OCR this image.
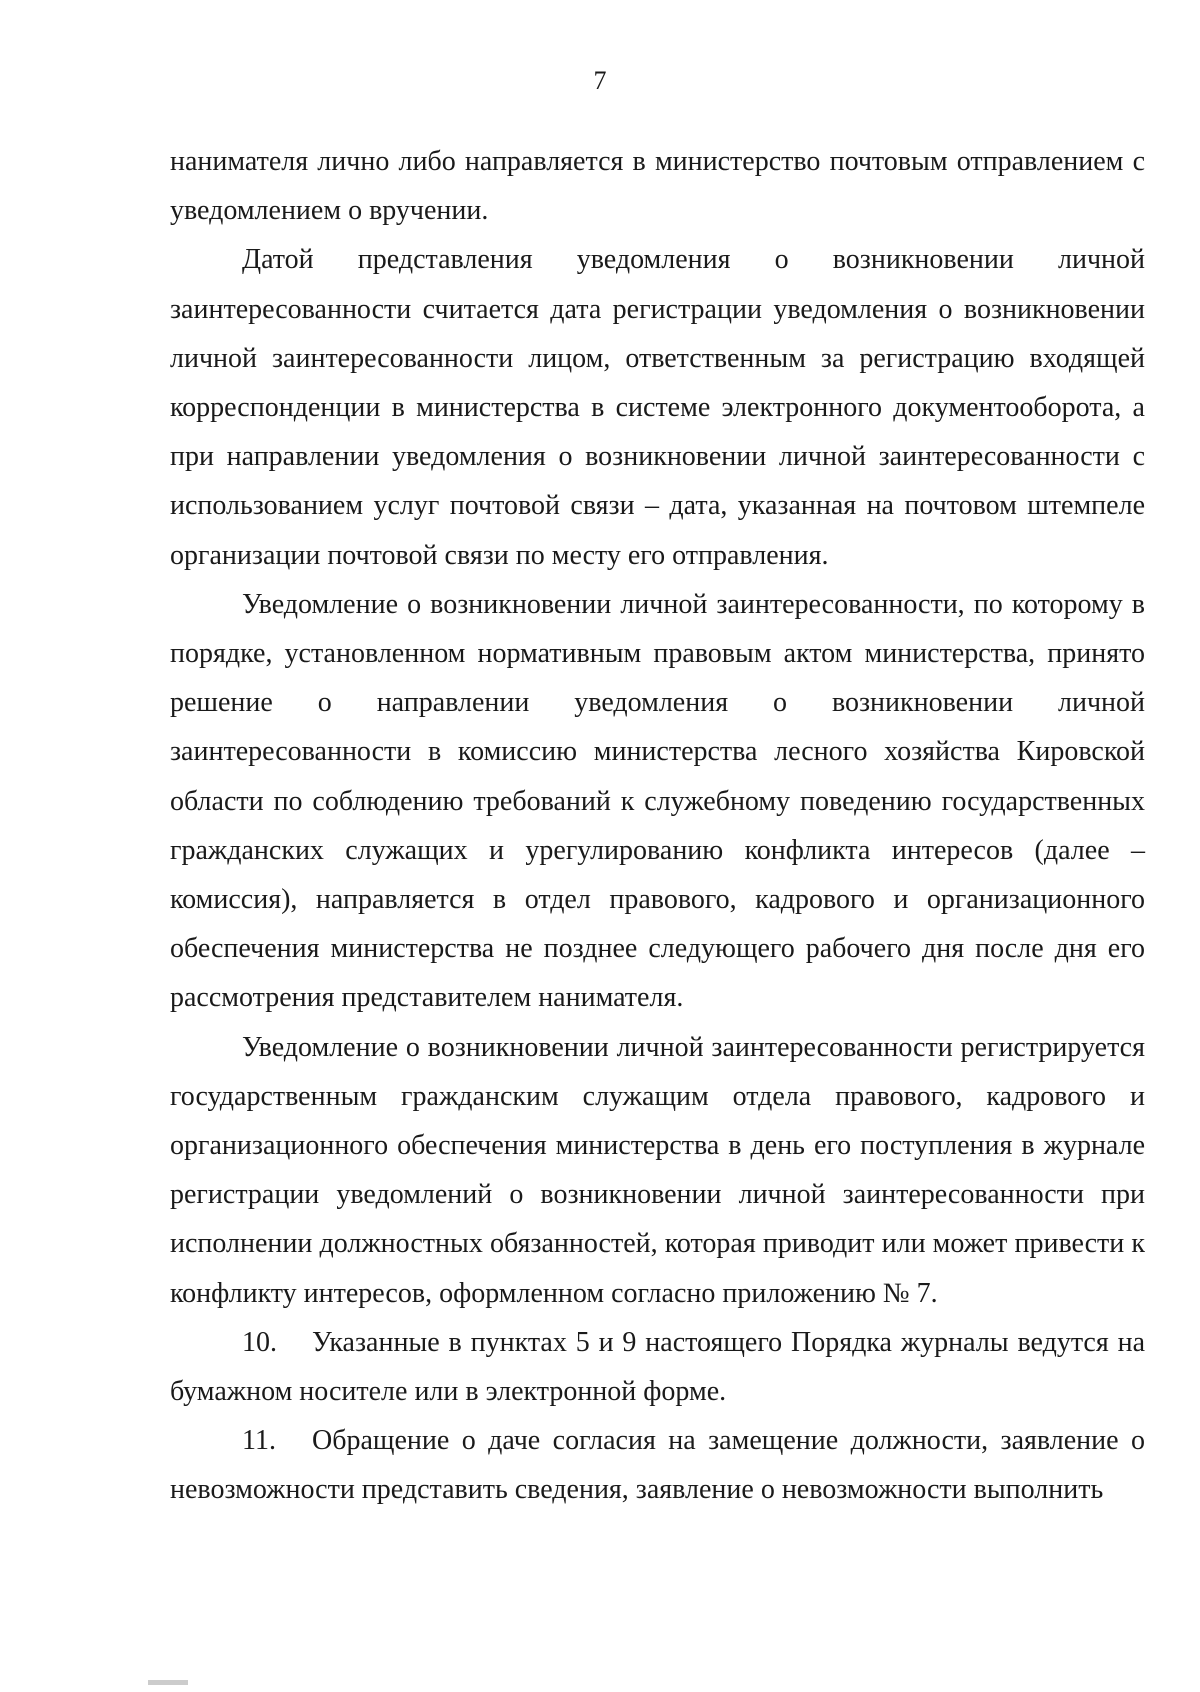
7

нанимателя лично либо направляется в министерство почтовым отправлением с уведомлением о вручении.

Датой представления уведомления о возникновении личной заинтересованности считается дата регистрации уведомления о возникновении личной заинтересованности лицом, ответственным за регистрацию входящей корреспонденции в министерства в системе электронного документооборота, а при направлении уведомления о возникновении личной заинтересованности с использованием услуг почтовой связи – дата, указанная на почтовом штемпеле организации почтовой связи по месту его отправления.

Уведомление о возникновении личной заинтересованности, по которому в порядке, установленном нормативным правовым актом министерства, принято решение о направлении уведомления о возникновении личной заинтересованности в комиссию министерства лесного хозяйства Кировской области по соблюдению требований к служебному поведению государственных гражданских служащих и урегулированию конфликта интересов (далее – комиссия), направляется в отдел правового, кадрового и организационного обеспечения министерства не позднее следующего рабочего дня после дня его рассмотрения представителем нанимателя.

Уведомление о возникновении личной заинтересованности регистрируется государственным гражданским служащим отдела правового, кадрового и организационного обеспечения министерства в день его поступления в журнале регистрации уведомлений о возникновении личной заинтересованности при исполнении должностных обязанностей, которая приводит или может привести к конфликту интересов, оформленном согласно приложению № 7.

10. Указанные в пунктах 5 и 9 настоящего Порядка журналы ведутся на бумажном носителе или в электронной форме.

11. Обращение о даче согласия на замещение должности, заявление о невозможности представить сведения, заявление о невозможности выполнить
